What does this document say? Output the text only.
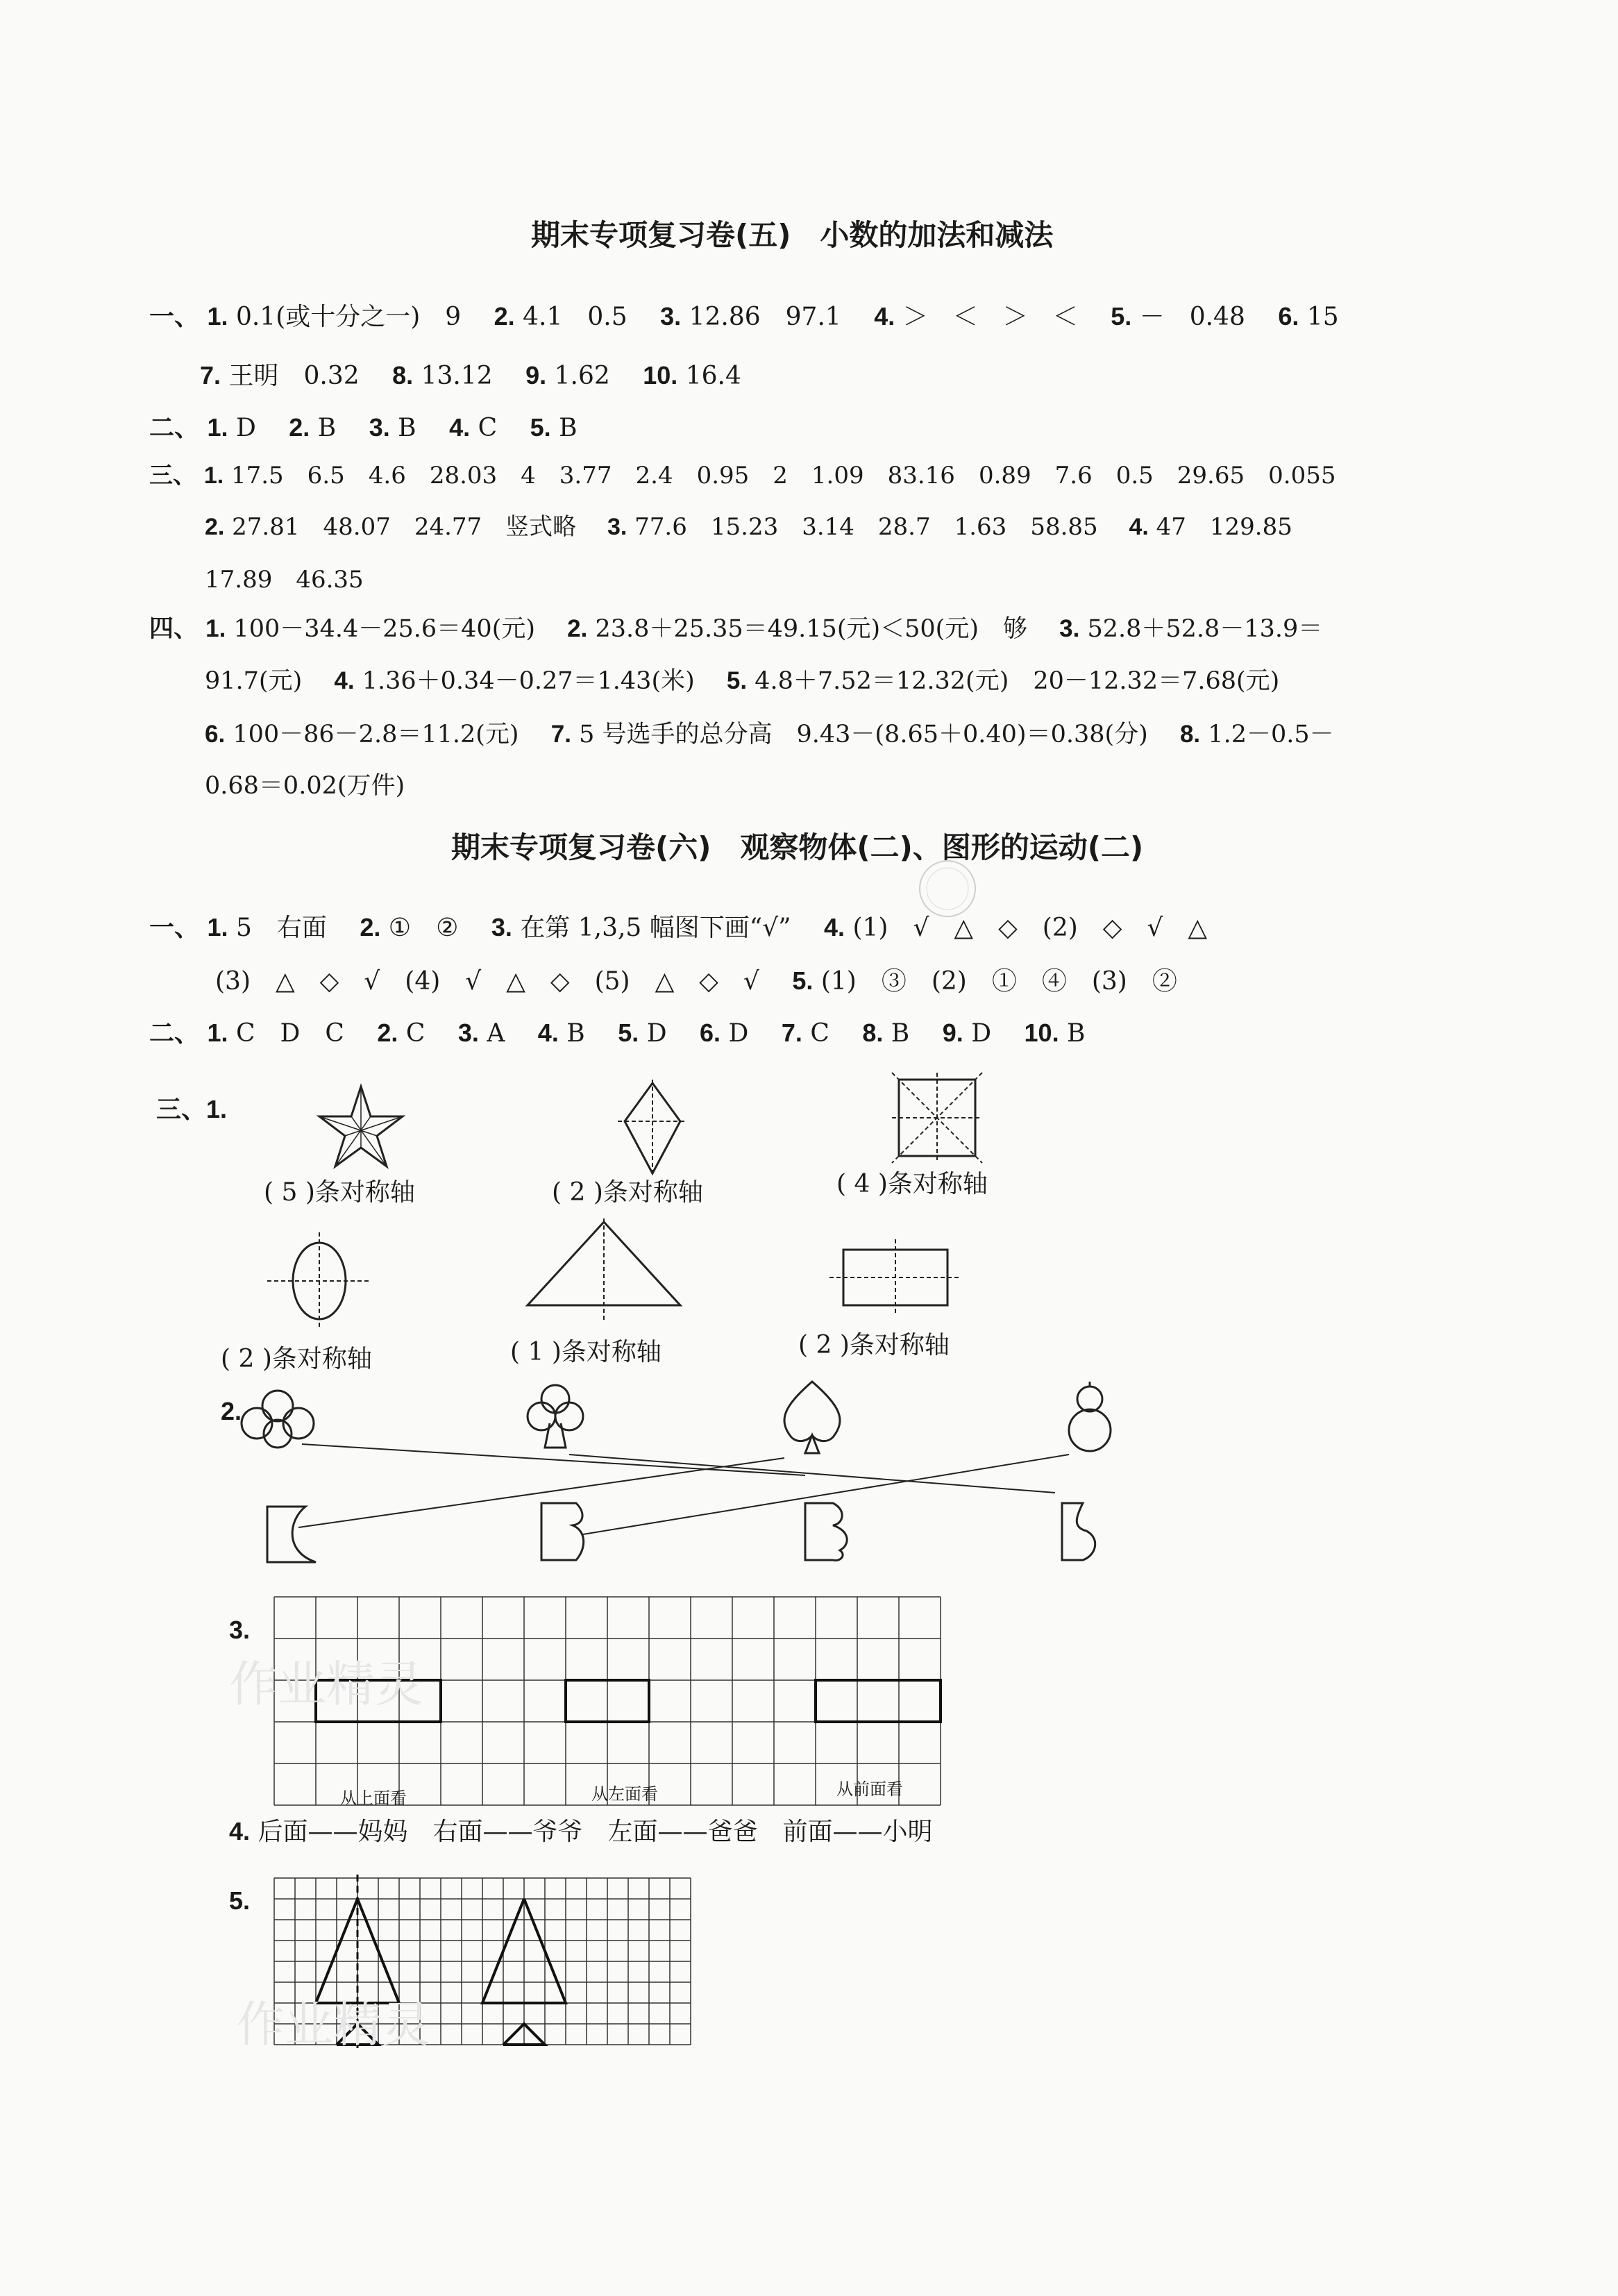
期末专项复习卷(五)　小数的加法和减法
一、 1. 0.1(或十分之一)　9　 2. 4.1　0.5　 3. 12.86　97.1　 4. ＞　＜　＞　＜　 5. －　0.48　 6. 15
7. 王明　0.32　 8. 13.12　 9. 1.62　 10. 16.4
二、 1. D　 2. B　 3. B　 4. C　 5. B
三、 1. 17.5　6.5　4.6　28.03　4　3.77　2.4　0.95　2　1.09　83.16　0.89　7.6　0.5　29.65　0.055
2. 27.81　48.07　24.77　竖式略　 3. 77.6　15.23　3.14　28.7　1.63　58.85　 4. 47　129.85
17.89　46.35
四、 1. 100－34.4－25.6＝40(元)　 2. 23.8＋25.35＝49.15(元)＜50(元)　够　 3. 52.8＋52.8－13.9＝
91.7(元)　 4. 1.36＋0.34－0.27＝1.43(米)　 5. 4.8＋7.52＝12.32(元)　20－12.32＝7.68(元)
6. 100－86－2.8＝11.2(元)　 7. 5 号选手的总分高　9.43－(8.65＋0.40)＝0.38(分)　 8. 1.2－0.5－
0.68＝0.02(万件)
期末专项复习卷(六)　观察物体(二)、图形的运动(二)
一、 1. 5　右面　 2. ①　②　 3. 在第 1,3,5 幅图下画“√”　 4. (1)　√　△　◇　(2)　◇　√　△
(3)　△　◇　√　(4)　√　△　◇　(5)　△　◇　√　 5. (1)　③　(2)　①　④　(3)　②
二、 1. C　D　C　 2. C　 3. A　 4. B　 5. D　 6. D　 7. C　 8. B　 9. D　 10. B
三、1.
( 5 )条对称轴	( 2 )条对称轴	( 4 )条对称轴
( 2 )条对称轴	( 1 )条对称轴	( 2 )条对称轴
2.
3.
从上面看	从左面看	从前面看
作业精灵
4. 后面——妈妈　右面——爷爷　左面——爸爸　前面——小明
5.
作业精灵
